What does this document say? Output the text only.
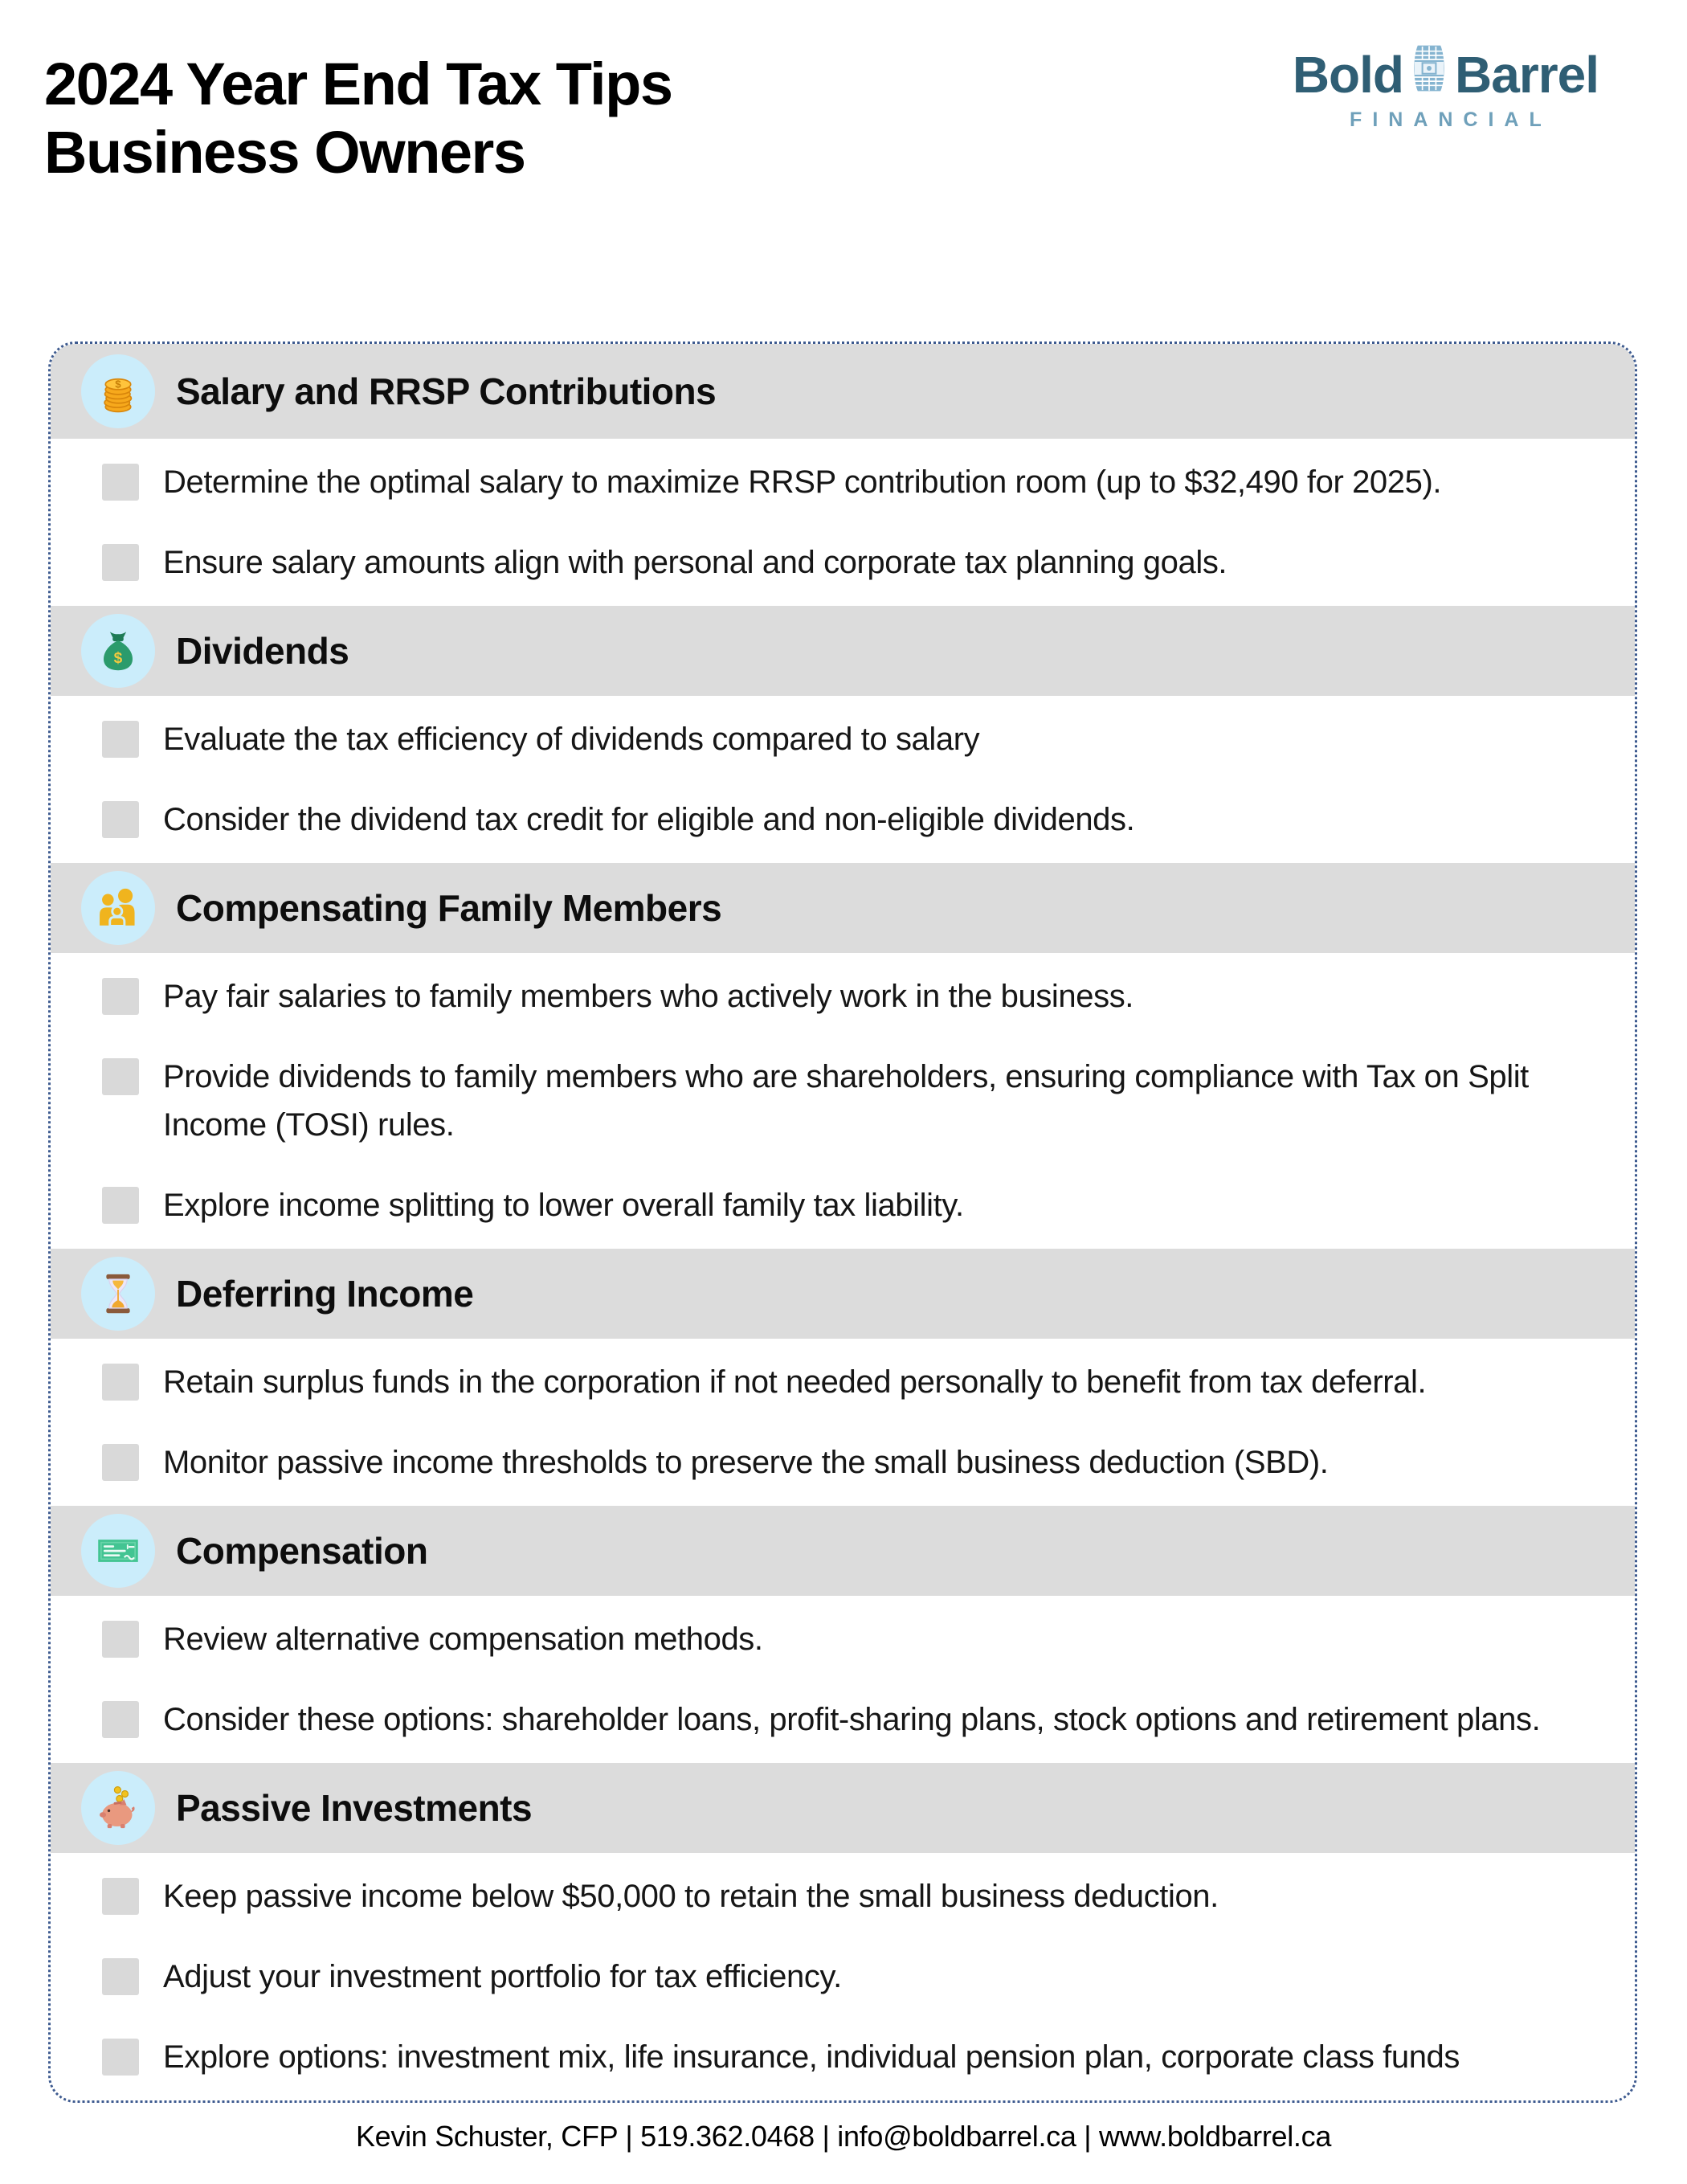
2024 Year End Tax Tips
Business Owners
Bold Barrel
FINANCIAL
$ Salary and RRSP Contributions
Determine the optimal salary to maximize RRSP contribution room (up to $32,490 for 2025).
Ensure salary amounts align with personal and corporate tax planning goals.
$ Dividends
Evaluate the tax efficiency of dividends compared to salary
Consider the dividend tax credit for eligible and non-eligible dividends.
Compensating Family Members
Pay fair salaries to family members who actively work in the business.
Provide dividends to family members who are shareholders, ensuring compliance with Tax on Split Income (TOSI) rules.
Explore income splitting to lower overall family tax liability.
Deferring Income
Retain surplus funds in the corporation if not needed personally to benefit from tax deferral.
Monitor passive income thresholds to preserve the small business deduction (SBD).
Compensation
Review alternative compensation methods.
Consider these options: shareholder loans, profit-sharing plans, stock options and retirement plans.
Passive Investments
Keep passive income below $50,000 to retain the small business deduction.
Adjust your investment portfolio for tax efficiency.
Explore options: investment mix, life insurance, individual pension plan, corporate class funds
Kevin Schuster, CFP | 519.362.0468 | info@boldbarrel.ca | www.boldbarrel.ca
